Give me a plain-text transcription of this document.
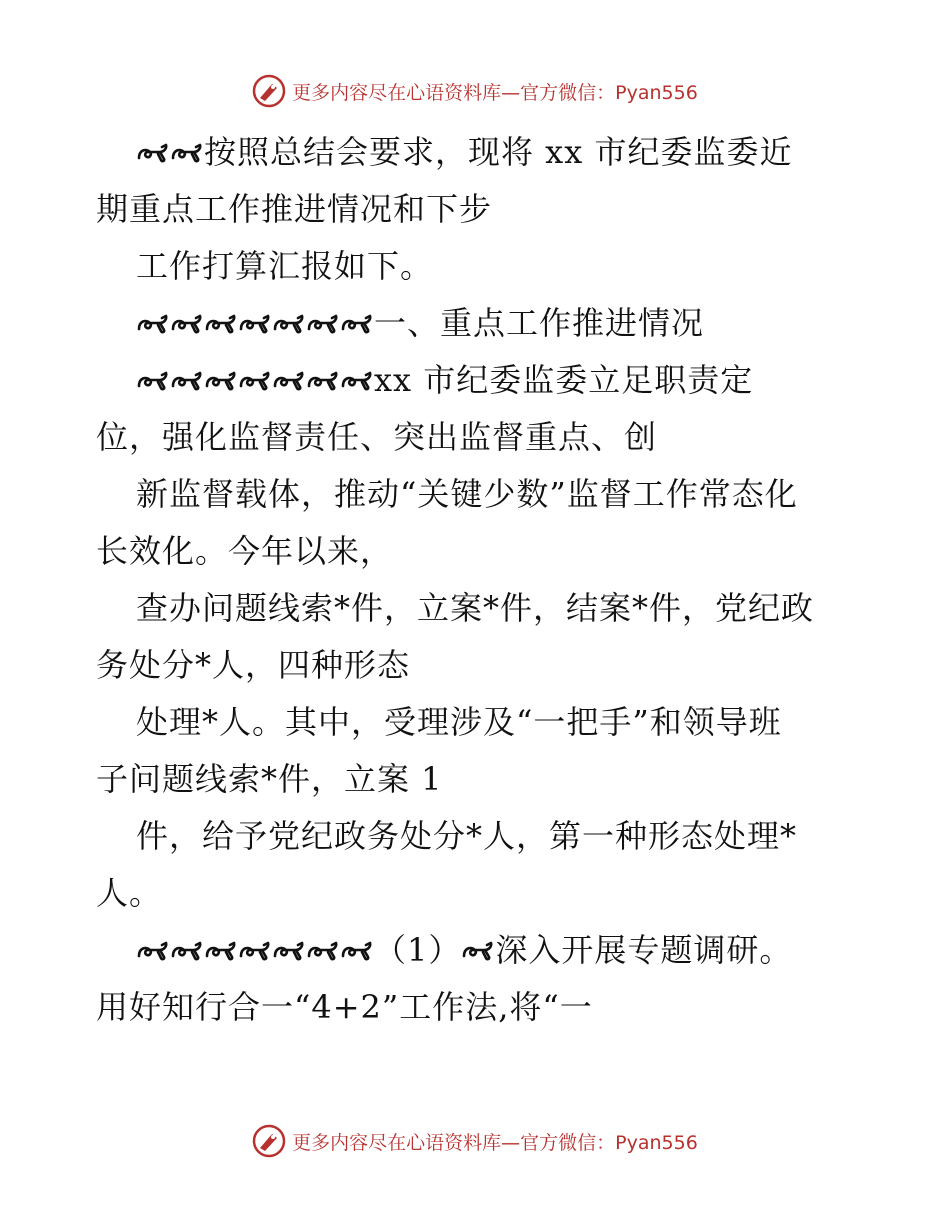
更多内容尽在心语资料库—官方微信：Pyan556
按照总结会要求，现将 xx 市纪委监委近
期重点工作推进情况和下步
工作打算汇报如下。
一、重点工作推进情况
xx 市纪委监委立足职责定
位，强化监督责任、突出监督重点、创
新监督载体，推动“关键少数”监督工作常态化
长效化。今年以来，
查办问题线索*件，立案*件，结案*件，党纪政
务处分*人，四种形态
处理*人。其中，受理涉及“一把手”和领导班
子问题线索*件，立案 1
件，给予党纪政务处分*人，第一种形态处理*
人。
（1） 深入开展专题调研。
用好知行合一“4+2”工作法,将“一
更多内容尽在心语资料库—官方微信：Pyan556
